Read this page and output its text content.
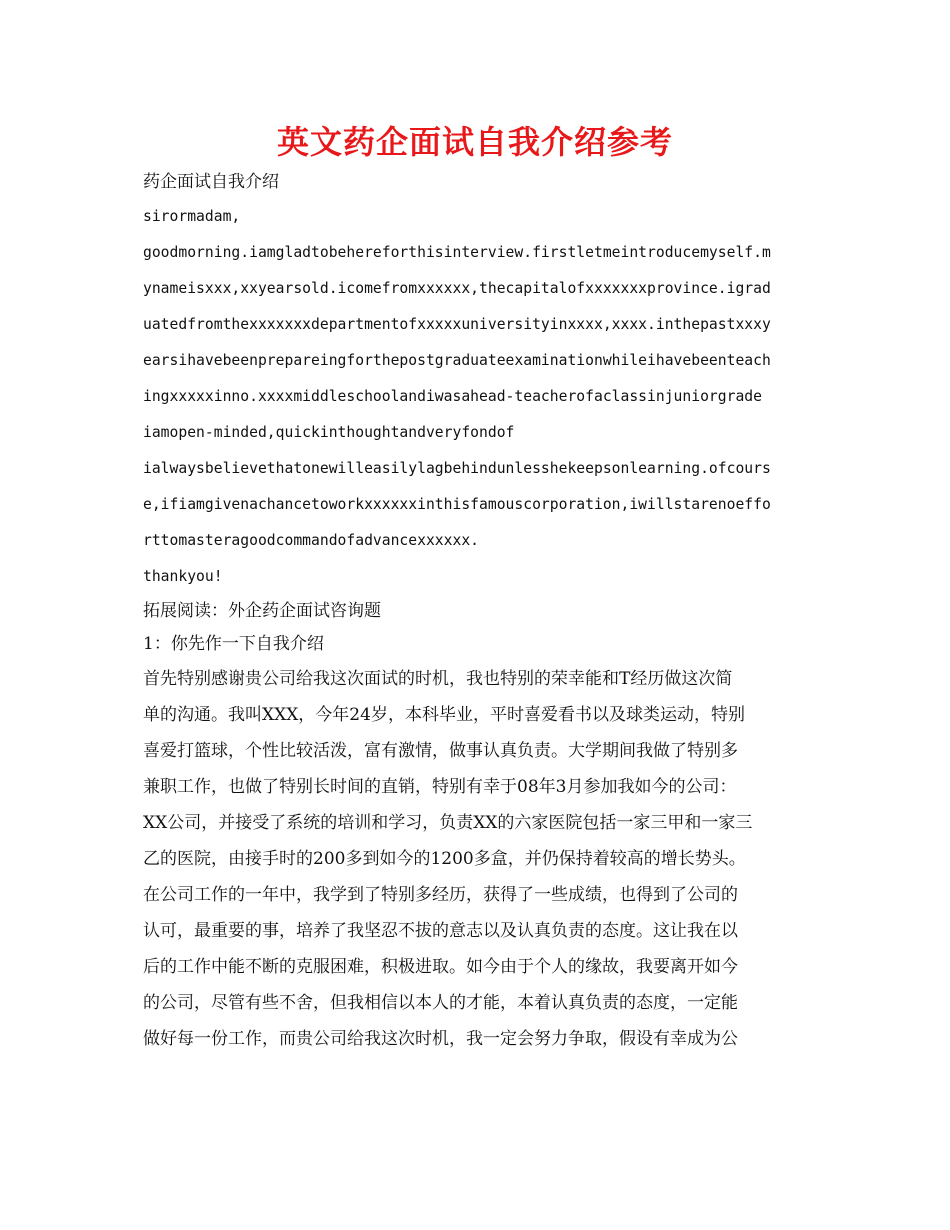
英文药企面试自我介绍参考
药企面试自我介绍
sirormadam,
goodmorning.iamgladtobehereforthisinterview.firstletmeintroducemyself.m
ynameisxxx,xxyearsold.icomefromxxxxxx,thecapitalofxxxxxxxprovince.igrad
uatedfromthexxxxxxxdepartmentofxxxxxuniversityinxxxx,xxxx.inthepastxxxy
earsihavebeenprepareingforthepostgraduateexaminationwhileihavebeenteach
ingxxxxxinno.xxxxmiddleschoolandiwasahead-teacherofaclassinjuniorgrade
iamopen-minded,quickinthoughtandveryfondof
ialwaysbelievethatonewilleasilylagbehindunlesshekeepsonlearning.ofcours
e,ifiamgivenachancetoworkxxxxxxinthisfamouscorporation,iwillstarenoeffo
rttomasteragoodcommandofadvancexxxxxx.
thankyou!
拓展阅读：外企药企面试咨询题
1：你先作一下自我介绍
首先特别感谢贵公司给我这次面试的时机，我也特别的荣幸能和T经历做这次简
单的沟通。我叫XXX，今年24岁，本科毕业，平时喜爱看书以及球类运动，特别
喜爱打篮球，个性比较活泼，富有激情，做事认真负责。大学期间我做了特别多
兼职工作，也做了特别长时间的直销，特别有幸于08年3月参加我如今的公司：
XX公司，并接受了系统的培训和学习，负责XX的六家医院包括一家三甲和一家三
乙的医院，由接手时的200多到如今的1200多盒，并仍保持着较高的增长势头。
在公司工作的一年中，我学到了特别多经历，获得了一些成绩，也得到了公司的
认可，最重要的事，培养了我坚忍不拔的意志以及认真负责的态度。这让我在以
后的工作中能不断的克服困难，积极进取。如今由于个人的缘故，我要离开如今
的公司，尽管有些不舍，但我相信以本人的才能，本着认真负责的态度，一定能
做好每一份工作，而贵公司给我这次时机，我一定会努力争取，假设有幸成为公
